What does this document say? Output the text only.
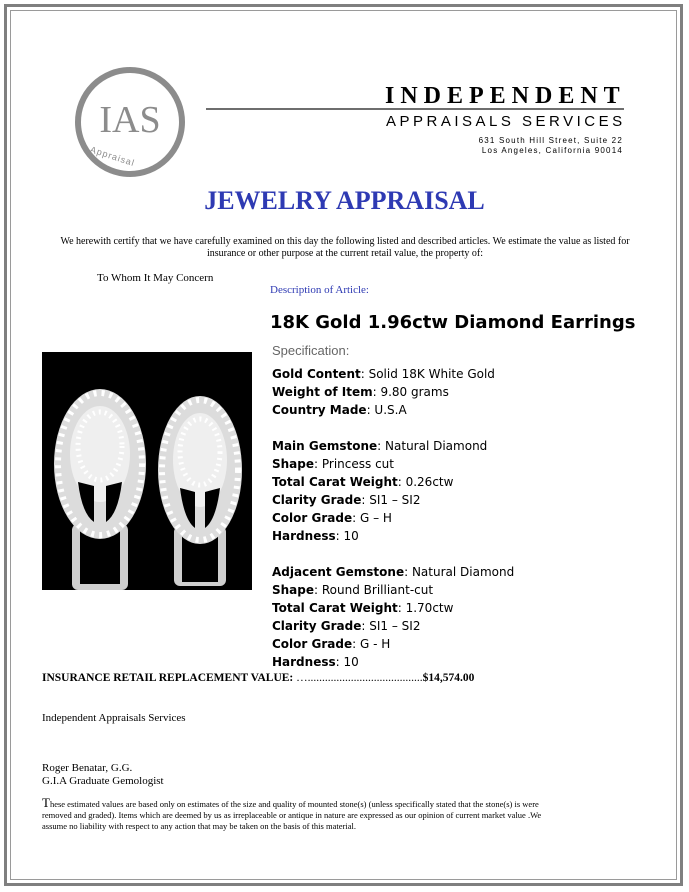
IAS
Appraisal
INDEPENDENT
APPRAISALS SERVICES
631 South Hill Street, Suite 22
Los Angeles, California 90014
JEWELRY APPRAISAL
We herewith certify that we have carefully examined on this day the following listed and described articles. We estimate the value as listed for insurance or other purpose at the current retail value, the property of:
To Whom It May Concern
Description of Article:
18K Gold 1.96ctw Diamond Earrings
Specification:
Gold Content: Solid 18K White Gold
Weight of Item: 9.80 grams
Country Made: U.S.A
Main Gemstone: Natural Diamond
Shape: Princess cut
Total Carat Weight: 0.26ctw
Clarity Grade: SI1 – SI2
Color Grade: G – H
Hardness: 10
Adjacent Gemstone: Natural Diamond
Shape: Round Brilliant-cut
Total Carat Weight: 1.70ctw
Clarity Grade: SI1 – SI2
Color Grade: G - H
Hardness: 10
INSURANCE RETAIL REPLACEMENT VALUE: …........................................$14,574.00
Independent Appraisals Services
Roger Benatar, G.G.
G.I.A Graduate Gemologist
These estimated values are based only on estimates of the size and quality of mounted stone(s) (unless specifically stated that the stone(s) is were removed and graded). Items which are deemed by us as irreplaceable or antique in nature are expressed as our opinion of current market value .We assume no liability with respect to any action that may be taken on the basis of this material.
